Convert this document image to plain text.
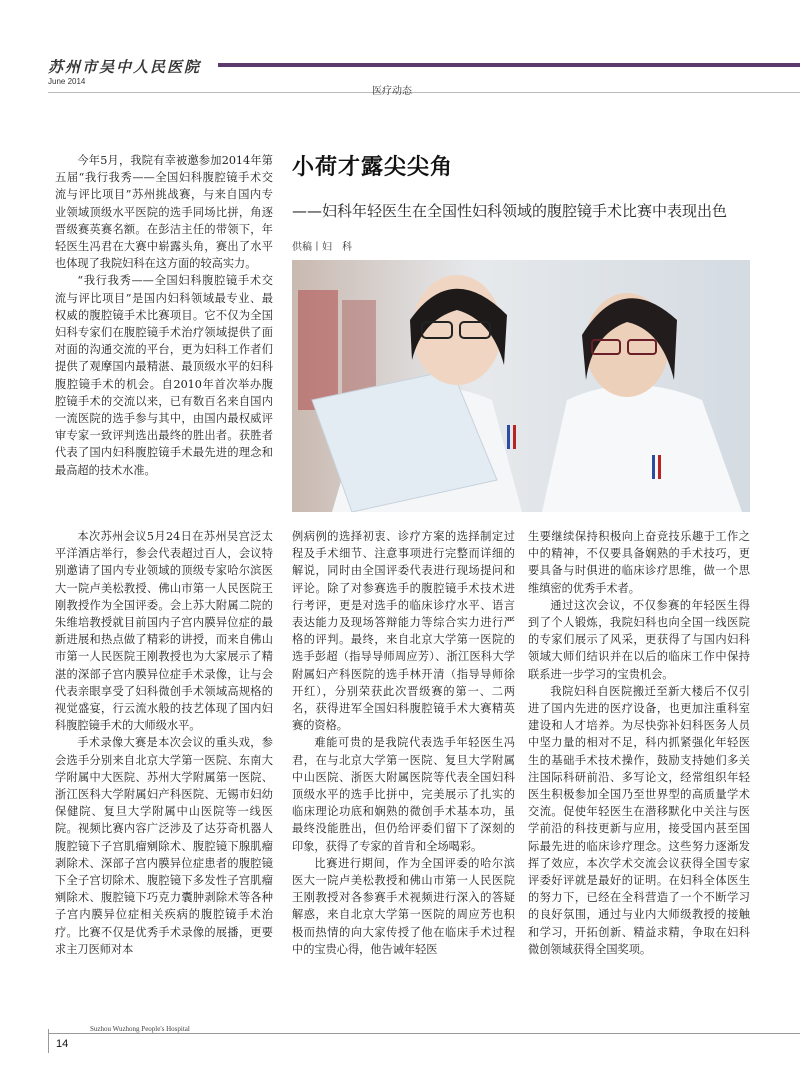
苏州市吴中人民医院
June 2014
医疗动态

今年5月，我院有幸被邀参加2014年第五届“我行我秀——全国妇科腹腔镜手术交流与评比项目”苏州挑战赛，与来自国内专业领域顶级水平医院的选手同场比拼，角逐晋级赛英赛名额。在彭洁主任的带领下，年轻医生冯君在大赛中崭露头角，赛出了水平也体现了我院妇科在这方面的较高实力。

“我行我秀——全国妇科腹腔镜手术交流与评比项目”是国内妇科领域最专业、最权威的腹腔镜手术比赛项目。它不仅为全国妇科专家们在腹腔镜手术治疗领域提供了面对面的沟通交流的平台，更为妇科工作者们提供了观摩国内最精湛、最顶级水平的妇科腹腔镜手术的机会。自2010年首次举办腹腔镜手术的交流以来，已有数百名来自国内一流医院的选手参与其中，由国内最权威评审专家一致评判选出最终的胜出者。获胜者代表了国内妇科腹腔镜手术最先进的理念和最高超的技术水准。

小荷才露尖尖角
——妇科年轻医生在全国性妇科领域的腹腔镜手术比赛中表现出色
供稿丨妇　科

本次苏州会议5月24日在苏州吴宫泛太平洋酒店举行，参会代表超过百人，会议特别邀请了国内专业领域的顶级专家哈尔滨医大一院卢美松教授、佛山市第一人民医院王刚教授作为全国评委。会上苏大附属二院的朱维培教授就目前国内子宫内膜异位症的最新进展和热点做了精彩的讲授，而来自佛山市第一人民医院王刚教授也为大家展示了精湛的深部子宫内膜异位症手术录像，让与会代表亲眼享受了妇科微创手术领域高规格的视觉盛宴，行云流水般的技艺体现了国内妇科腹腔镜手术的大师级水平。

手术录像大赛是本次会议的重头戏，参会选手分别来自北京大学第一医院、东南大学附属中大医院、苏州大学附属第一医院、浙江医科大学附属妇产科医院、无锡市妇幼保健院、复旦大学附属中山医院等一线医院。视频比赛内容广泛涉及了达芬奇机器人腹腔镜下子宫肌瘤剜除术、腹腔镜下腺肌瘤剥除术、深部子宫内膜异位症患者的腹腔镜下全子宫切除术、腹腔镜下多发性子宫肌瘤剜除术、腹腔镜下巧克力囊肿剥除术等各种子宫内膜异位症相关疾病的腹腔镜手术治疗。比赛不仅是优秀手术录像的展播，更要求主刀医师对本

例病例的选择初衷、诊疗方案的选择制定过程及手术细节、注意事项进行完整而详细的解说，同时由全国评委代表进行现场提问和评论。除了对参赛选手的腹腔镜手术技术进行考评，更是对选手的临床诊疗水平、语言表达能力及现场答辩能力等综合实力进行严格的评判。最终，来自北京大学第一医院的选手彭超（指导导师周应芳）、浙江医科大学附属妇产科医院的选手林开清（指导导师徐开红），分别荣获此次晋级赛的第一、二两名，获得进军全国妇科腹腔镜手术大赛精英赛的资格。

难能可贵的是我院代表选手年轻医生冯君，在与北京大学第一医院、复旦大学附属中山医院、浙医大附属医院等代表全国妇科顶级水平的选手比拼中，完美展示了扎实的临床理论功底和娴熟的微创手术基本功，虽最终没能胜出，但仍给评委们留下了深刻的印象，获得了专家的首肯和全场喝彩。

比赛进行期间，作为全国评委的哈尔滨医大一院卢美松教授和佛山市第一人民医院王刚教授对各参赛手术视频进行深入的答疑解惑，来自北京大学第一医院的周应芳也积极而热情的向大家传授了他在临床手术过程中的宝贵心得，他告诫年轻医

生要继续保持积极向上奋竞技乐趣于工作之中的精神，不仅要具备娴熟的手术技巧，更要具备与时俱进的临床诊疗思维，做一个思维缜密的优秀手术者。

通过这次会议，不仅参赛的年轻医生得到了个人锻炼，我院妇科也向全国一线医院的专家们展示了风采，更获得了与国内妇科领域大师们结识并在以后的临床工作中保持联系进一步学习的宝贵机会。

我院妇科自医院搬迁至新大楼后不仅引进了国内先进的医疗设备，也更加注重科室建设和人才培养。为尽快弥补妇科医务人员中坚力量的相对不足，科内抓紧强化年轻医生的基础手术技术操作，鼓励支持她们多关注国际科研前沿、多写论文，经常组织年轻医生积极参加全国乃至世界型的高质量学术交流。促使年轻医生在潜移默化中关注与医学前沿的科技更新与应用，接受国内甚至国际最先进的临床诊疗理念。这些努力逐渐发挥了效应，本次学术交流会议获得全国专家评委好评就是最好的证明。在妇科全体医生的努力下，已经在全科营造了一个不断学习的良好氛围，通过与业内大师级教授的接触和学习，开拓创新、精益求精，争取在妇科微创领域获得全国奖项。

14
Suzhou Wuzhong People's Hospital
